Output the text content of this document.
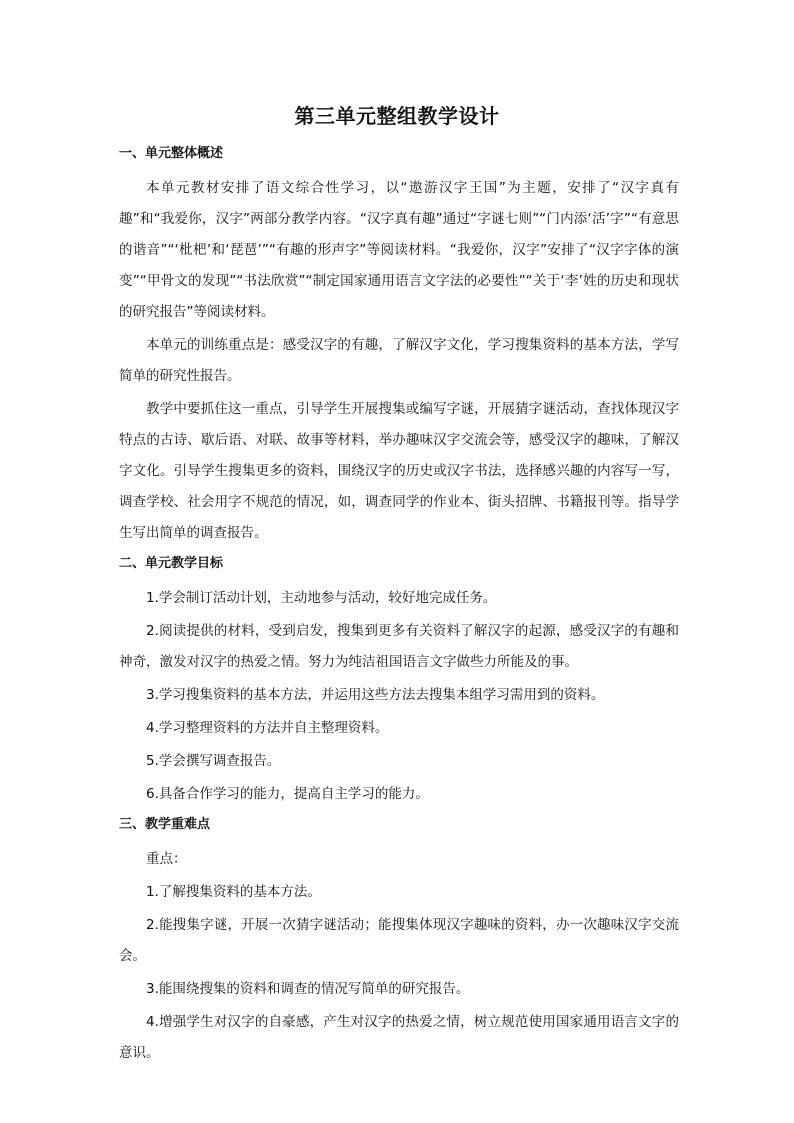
第三单元整组教学设计
一、单元整体概述

本单元教材安排了语文综合性学习，以“遨游汉字王国”为主题，安排了“汉字真有趣”和“我爱你，汉字”两部分教学内容。“汉字真有趣”通过“字谜七则”“门内添‘活’字”“有意思的谐音”“‘枇杷’和‘琵琶’”“有趣的形声字”等阅读材料。“我爱你，汉字”安排了“汉字字体的演变”“甲骨文的发现”“书法欣赏”“制定国家通用语言文字法的必要性”“关于‘李’姓的历史和现状的研究报告”等阅读材料。

本单元的训练重点是：感受汉字的有趣，了解汉字文化，学习搜集资料的基本方法，学写简单的研究性报告。

教学中要抓住这一重点，引导学生开展搜集或编写字谜，开展猜字谜活动，查找体现汉字特点的古诗、歇后语、对联、故事等材料，举办趣味汉字交流会等，感受汉字的趣味，了解汉字文化。引导学生搜集更多的资料，围绕汉字的历史或汉字书法，选择感兴趣的内容写一写，调查学校、社会用字不规范的情况，如，调查同学的作业本、街头招牌、书籍报刊等。指导学生写出简单的调查报告。

二、单元教学目标

1.学会制订活动计划，主动地参与活动，较好地完成任务。

2.阅读提供的材料，受到启发，搜集到更多有关资料了解汉字的起源，感受汉字的有趣和神奇，激发对汉字的热爱之情。努力为纯洁祖国语言文字做些力所能及的事。

3.学习搜集资料的基本方法，并运用这些方法去搜集本组学习需用到的资料。

4.学习整理资料的方法并自主整理资料。

5.学会撰写调查报告。

6.具备合作学习的能力，提高自主学习的能力。

三、教学重难点

重点：

1.了解搜集资料的基本方法。

2.能搜集字谜，开展一次猜字谜活动；能搜集体现汉字趣味的资料，办一次趣味汉字交流会。

3.能围绕搜集的资料和调查的情况写简单的研究报告。

4.增强学生对汉字的自豪感，产生对汉字的热爱之情，树立规范使用国家通用语言文字的意识。
